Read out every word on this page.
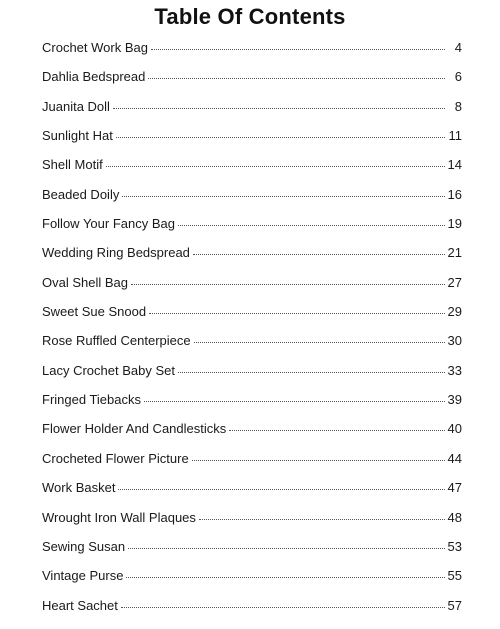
Table Of Contents
Crochet Work Bag	4
Dahlia Bedspread	6
Juanita Doll	8
Sunlight Hat	11
Shell Motif	14
Beaded Doily	16
Follow Your Fancy Bag	19
Wedding Ring Bedspread	21
Oval Shell Bag	27
Sweet Sue Snood	29
Rose Ruffled Centerpiece	30
Lacy Crochet Baby Set	33
Fringed Tiebacks	39
Flower Holder And Candlesticks	40
Crocheted Flower Picture	44
Work Basket	47
Wrought Iron Wall Plaques	48
Sewing Susan	53
Vintage Purse	55
Heart Sachet	57
